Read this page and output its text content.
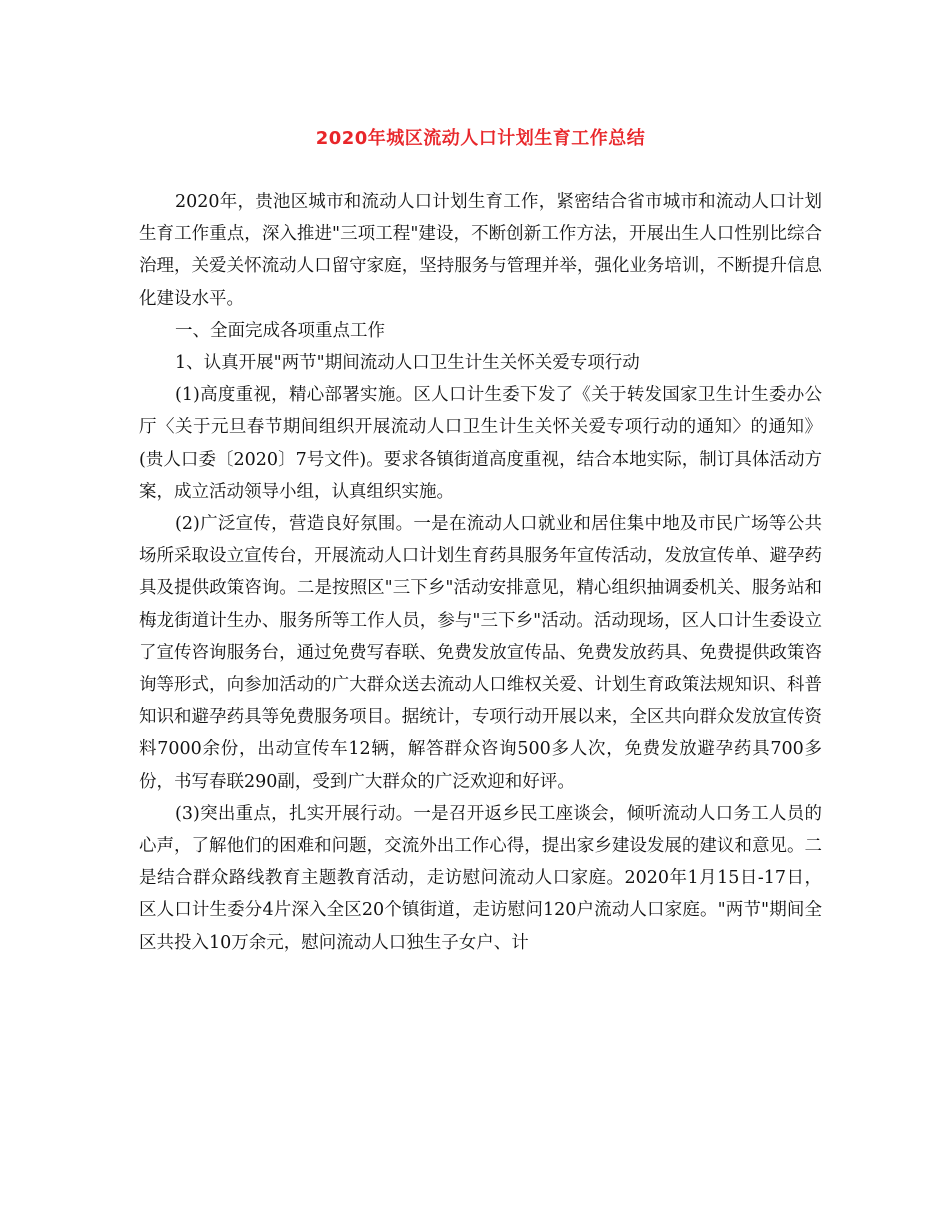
2020年城区流动人口计划生育工作总结

2020年，贵池区城市和流动人口计划生育工作，紧密结合省市城市和流动人口计划生育工作重点，深入推进"三项工程"建设，不断创新工作方法，开展出生人口性别比综合治理，关爱关怀流动人口留守家庭，坚持服务与管理并举，强化业务培训，不断提升信息化建设水平。

一、全面完成各项重点工作

1、认真开展"两节"期间流动人口卫生计生关怀关爱专项行动

(1)高度重视，精心部署实施。区人口计生委下发了《关于转发国家卫生计生委办公厅〈关于元旦春节期间组织开展流动人口卫生计生关怀关爱专项行动的通知〉的通知》(贵人口委〔2020〕7号文件)。要求各镇街道高度重视，结合本地实际，制订具体活动方案，成立活动领导小组，认真组织实施。

(2)广泛宣传，营造良好氛围。一是在流动人口就业和居住集中地及市民广场等公共场所采取设立宣传台，开展流动人口计划生育药具服务年宣传活动，发放宣传单、避孕药具及提供政策咨询。二是按照区"三下乡"活动安排意见，精心组织抽调委机关、服务站和梅龙街道计生办、服务所等工作人员，参与"三下乡"活动。活动现场，区人口计生委设立了宣传咨询服务台，通过免费写春联、免费发放宣传品、免费发放药具、免费提供政策咨询等形式，向参加活动的广大群众送去流动人口维权关爱、计划生育政策法规知识、科普知识和避孕药具等免费服务项目。据统计，专项行动开展以来，全区共向群众发放宣传资料7000余份，出动宣传车12辆，解答群众咨询500多人次，免费发放避孕药具700多份，书写春联290副，受到广大群众的广泛欢迎和好评。

(3)突出重点，扎实开展行动。一是召开返乡民工座谈会，倾听流动人口务工人员的心声，了解他们的困难和问题，交流外出工作心得，提出家乡建设发展的建议和意见。二是结合群众路线教育主题教育活动，走访慰问流动人口家庭。2020年1月15日-17日，区人口计生委分4片深入全区20个镇街道，走访慰问120户流动人口家庭。"两节"期间全区共投入10万余元，慰问流动人口独生子女户、计
